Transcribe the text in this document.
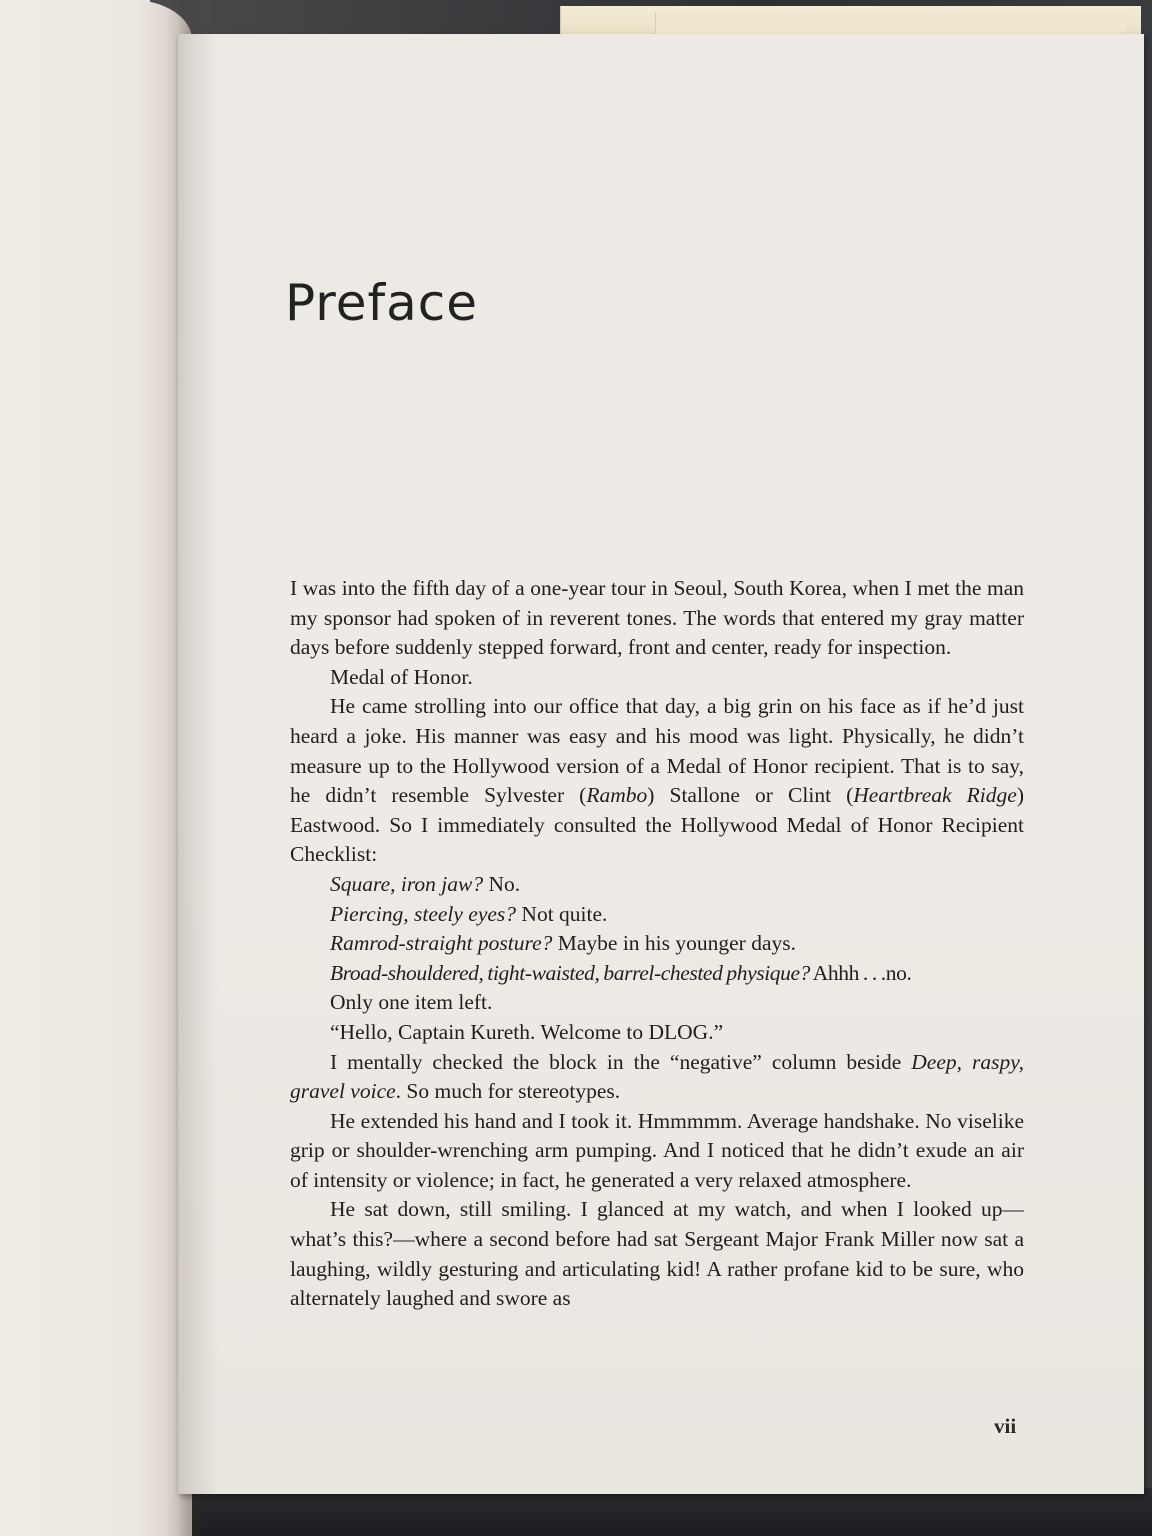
Preface

I was into the fifth day of a one-year tour in Seoul, South Korea, when I met the man my sponsor had spoken of in reverent tones. The words that entered my gray matter days before suddenly stepped forward, front and center, ready for inspection.

Medal of Honor.

He came strolling into our office that day, a big grin on his face as if he’d just heard a joke. His manner was easy and his mood was light. Physically, he didn’t measure up to the Hollywood version of a Medal of Honor recipient. That is to say, he didn’t resemble Sylvester (Rambo) Stallone or Clint (Heartbreak Ridge) Eastwood. So I immediately consulted the Hollywood Medal of Honor Recipient Checklist:

Square, iron jaw? No.

Piercing, steely eyes? Not quite.

Ramrod-straight posture? Maybe in his younger days.

Broad-shouldered, tight-waisted, barrel-chested physique? Ahhh . . .no.

Only one item left.

“Hello, Captain Kureth. Welcome to DLOG.”

I mentally checked the block in the “negative” column beside Deep, raspy, gravel voice. So much for stereotypes.

He extended his hand and I took it. Hmmmmm. Average handshake. No viselike grip or shoulder-wrenching arm pumping. And I noticed that he didn’t exude an air of intensity or violence; in fact, he generated a very relaxed atmosphere.

He sat down, still smiling. I glanced at my watch, and when I looked up—what’s this?—where a second before had sat Sergeant Major Frank Miller now sat a laughing, wildly gesturing and articulating kid! A rather profane kid to be sure, who alternately laughed and swore as

vii
